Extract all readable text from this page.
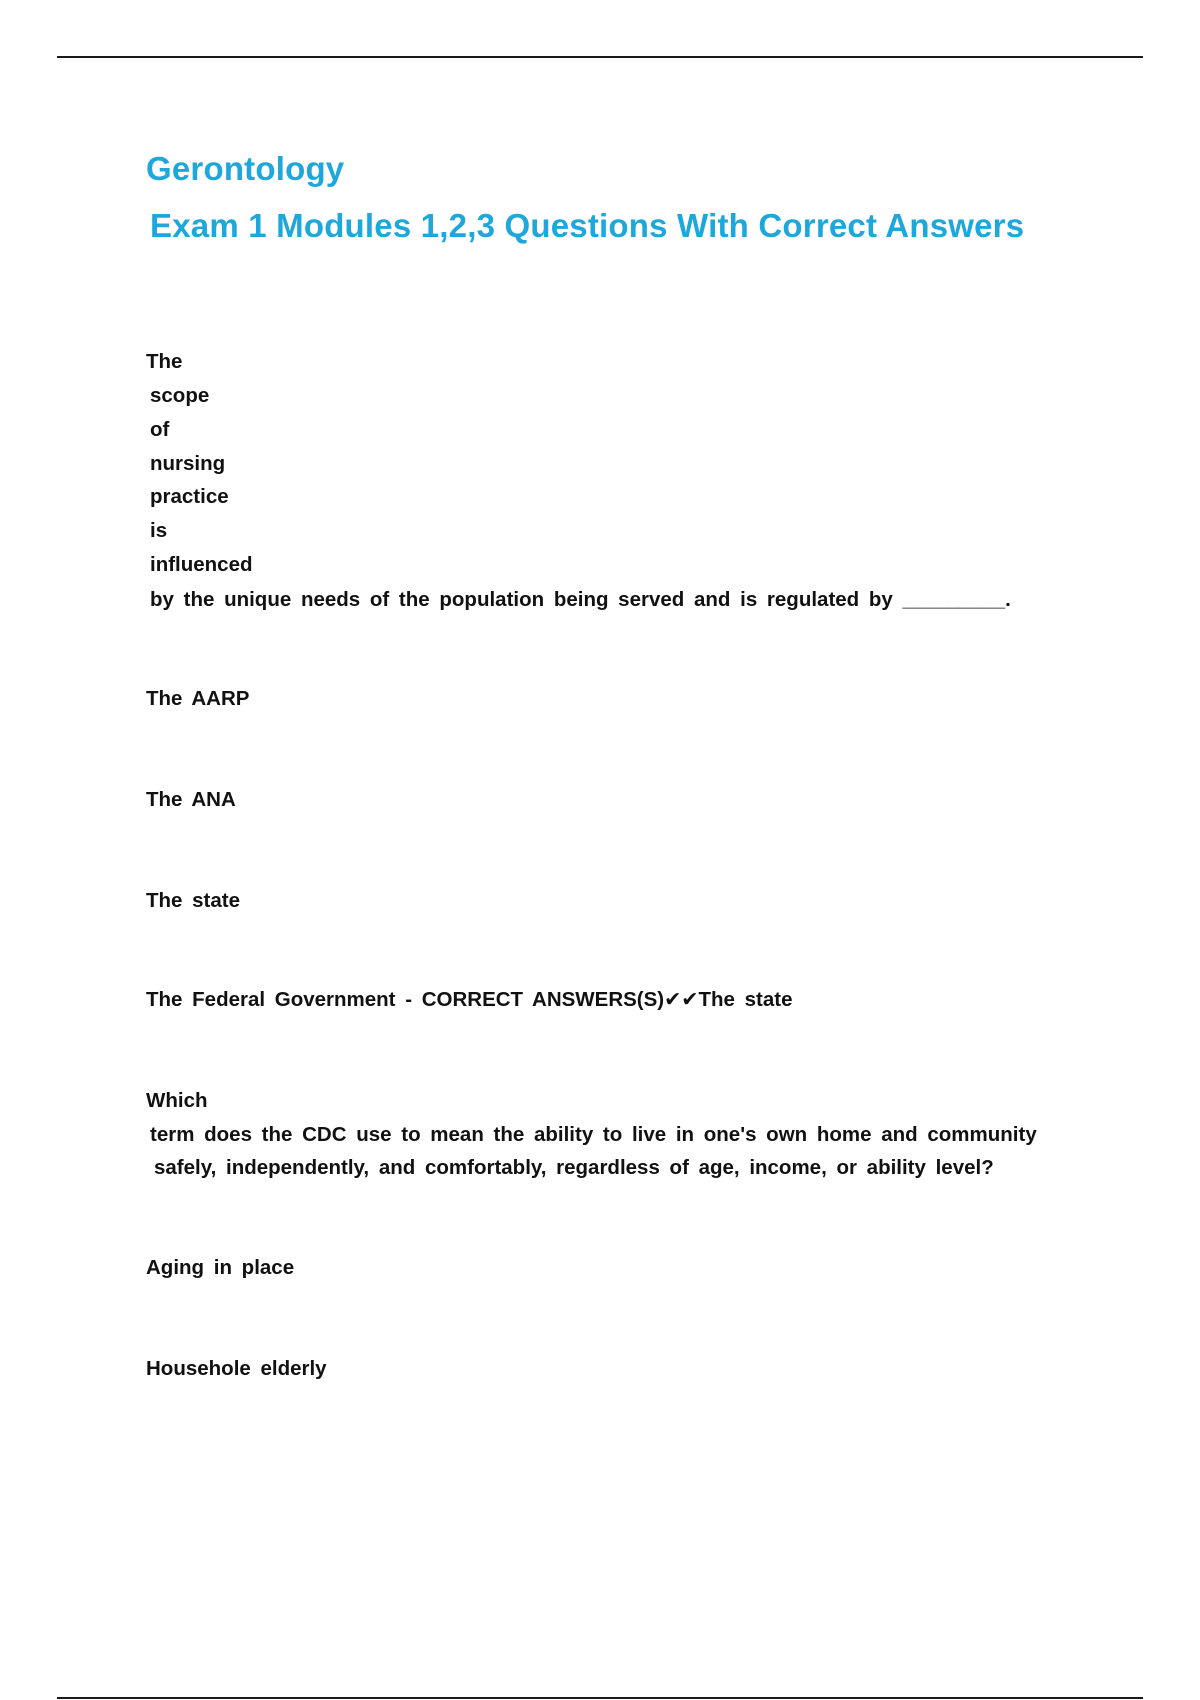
Gerontology
Exam 1 Modules 1,2,3 Questions With Correct Answers
The
scope
of
nursing
practice
is
influenced
by the unique needs of the population being served and is regulated by _________.
The AARP
The ANA
The state
The Federal Government - CORRECT ANSWERS(S)✔✔The state
Which
term does the CDC use to mean the ability to live in one's own home and community
safely, independently, and comfortably, regardless of age, income, or ability level?
Aging in place
Househole elderly
